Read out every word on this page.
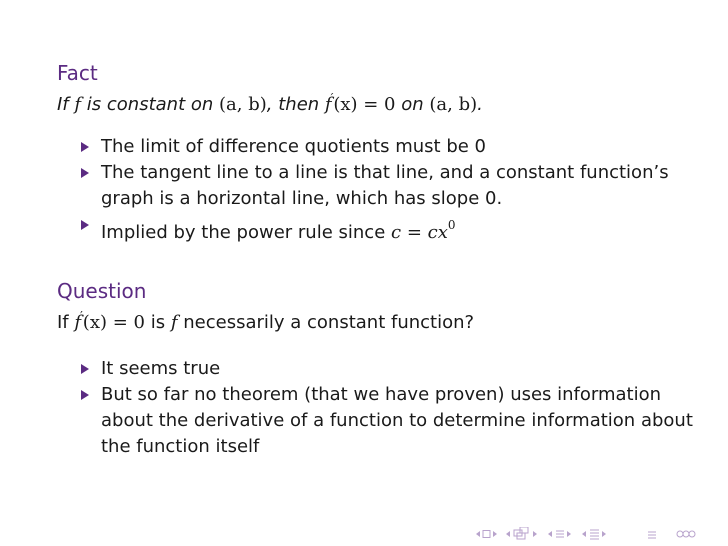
Fact
If f is constant on (a, b), then f′(x) = 0 on (a, b).
The limit of difference quotients must be 0
The tangent line to a line is that line, and a constant function’s graph is a horizontal line, which has slope 0.
Implied by the power rule since $c = cx^0$
Question
If f′(x) = 0 is f necessarily a constant function?
It seems true
But so far no theorem (that we have proven) uses information about the derivative of a function to determine information about the function itself
